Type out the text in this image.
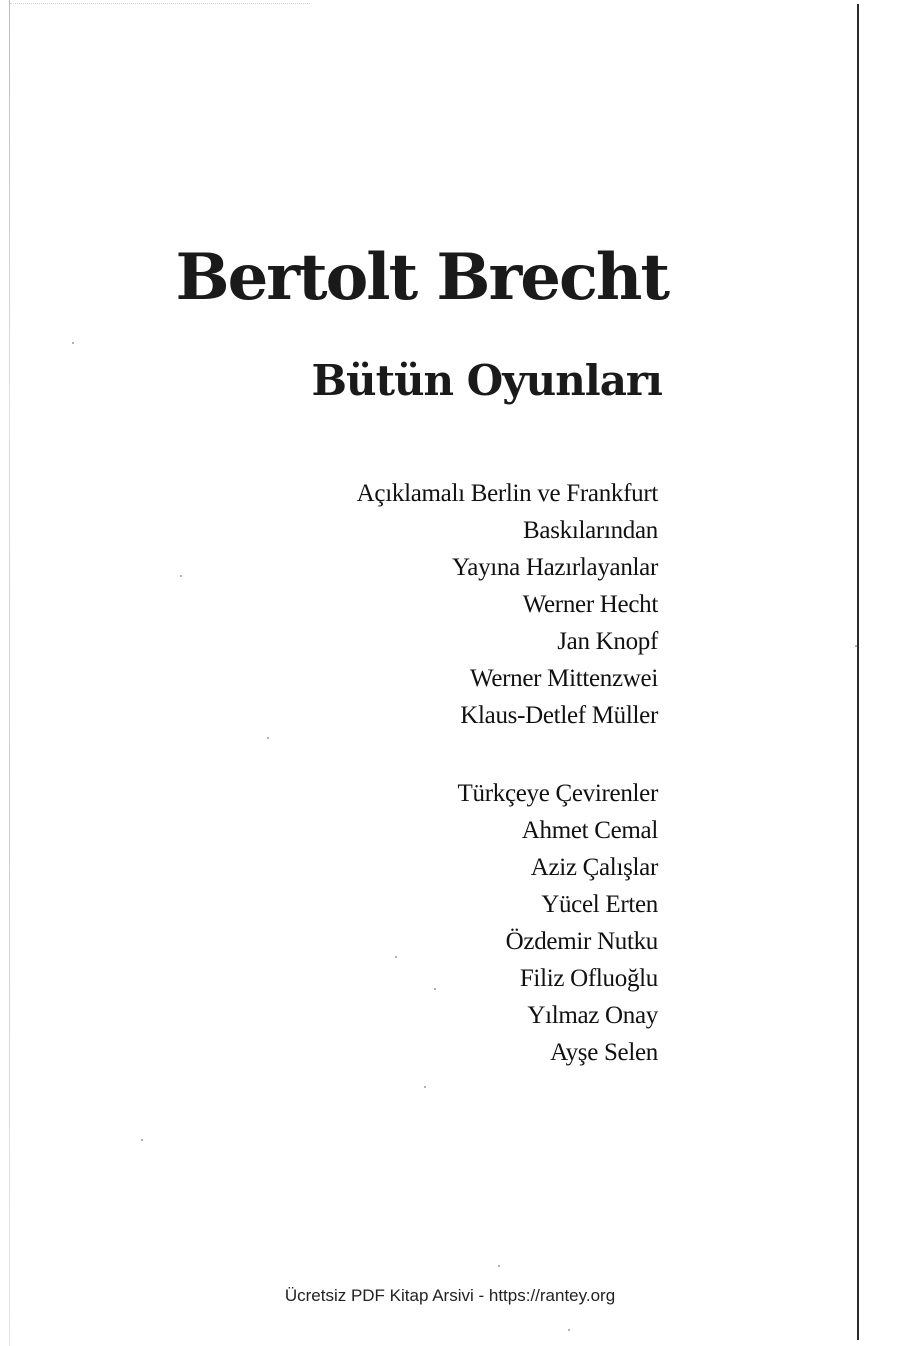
Bertolt Brecht
Bütün Oyunları
Açıklamalı Berlin ve Frankfurt
Baskılarından
Yayına Hazırlayanlar
Werner Hecht
Jan Knopf
Werner Mittenzwei
Klaus-Detlef Müller
Türkçeye Çevirenler
Ahmet Cemal
Aziz Çalışlar
Yücel Erten
Özdemir Nutku
Filiz Ofluoğlu
Yılmaz Onay
Ayşe Selen
Ücretsiz PDF Kitap Arsivi - https://rantey.org
